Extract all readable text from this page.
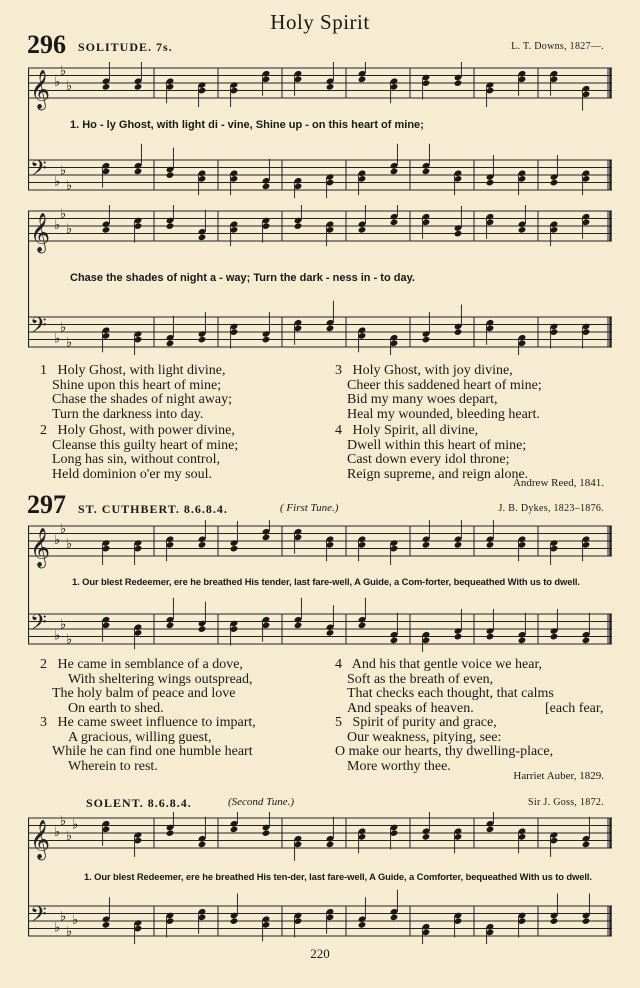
Holy Spirit
296 SOLITUDE. 7s.	L. T. Downs, 1827—.
𝄞 ♭
♭
♭
𝄢 ♭
♭
♭
1. Ho - ly Ghost, with light di - vine, Shine up - on this heart of mine;
𝄞 ♭
♭
♭
𝄢 ♭
♭
♭
Chase the shades of night a - way; Turn the dark - ness in - to day.
1 Holy Ghost, with light divine,
Shine upon this heart of mine;
Chase the shades of night away;
Turn the darkness into day.
2 Holy Ghost, with power divine,
Cleanse this guilty heart of mine;
Long has sin, without control,
Held dominion o'er my soul.
3 Holy Ghost, with joy divine,
Cheer this saddened heart of mine;
Bid my many woes depart,
Heal my wounded, bleeding heart.
4 Holy Spirit, all divine,
Dwell within this heart of mine;
Cast down every idol throne;
Reign supreme, and reign alone.
Andrew Reed, 1841.
297 ST. CUTHBERT. 8.6.8.4.	( First Tune.)	J. B. Dykes, 1823–1876.
𝄞 ♭
♭
♭
𝄢 ♭
♭
♭
1. Our blest Redeemer, ere he breathed His tender, last fare-well, A Guide, a Com-forter, bequeathed With us to dwell.
2 He came in semblance of a dove,
With sheltering wings outspread,
The holy balm of peace and love
On earth to shed.
3 He came sweet influence to impart,
A gracious, willing guest,
While he can find one humble heart
Wherein to rest.
4 And his that gentle voice we hear,
Soft as the breath of even,
That checks each thought, that calms
And speaks of heaven.	[each fear,
5 Spirit of purity and grace,
Our weakness, pitying, see:
O make our hearts, thy dwelling-place,
More worthy thee.
Harriet Auber, 1829.
SOLENT. 8.6.8.4.	(Second Tune.)	Sir J. Goss, 1872.
𝄞 ♭
♭
♭
♭
𝄢 ♭
♭
♭
♭
1. Our blest Redeemer, ere he breathed His ten-der, last fare-well, A Guide, a Comforter, bequeathed With us to dwell.
220
